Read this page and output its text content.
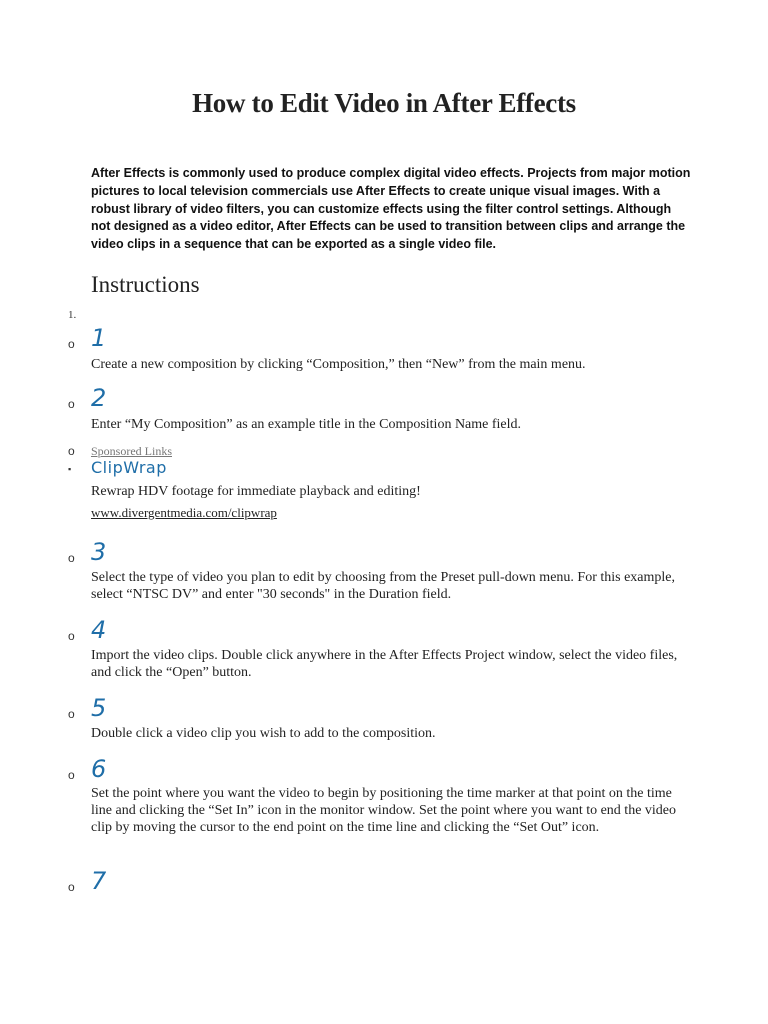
How to Edit Video in After Effects
After Effects is commonly used to produce complex digital video effects. Projects from major motion pictures to local television commercials use After Effects to create unique visual images. With a robust library of video filters, you can customize effects using the filter control settings. Although not designed as a video editor, After Effects can be used to transition between clips and arrange the video clips in a sequence that can be exported as a single video file.
Instructions
1.
o 1
Create a new composition by clicking “Composition,” then “New” from the main menu.
o 2
Enter “My Composition” as an example title in the Composition Name field.
o Sponsored Links
▪ ClipWrap
Rewrap HDV footage for immediate playback and editing!
www.divergentmedia.com/clipwrap
o 3
Select the type of video you plan to edit by choosing from the Preset pull-down menu. For this example, select “NTSC DV” and enter "30 seconds" in the Duration field.
o 4
Import the video clips. Double click anywhere in the After Effects Project window, select the video files, and click the “Open” button.
o 5
Double click a video clip you wish to add to the composition.
o 6
Set the point where you want the video to begin by positioning the time marker at that point on the time line and clicking the “Set In” icon in the monitor window. Set the point where you want to end the video clip by moving the cursor to the end point on the time line and clicking the “Set Out” icon.
o 7
